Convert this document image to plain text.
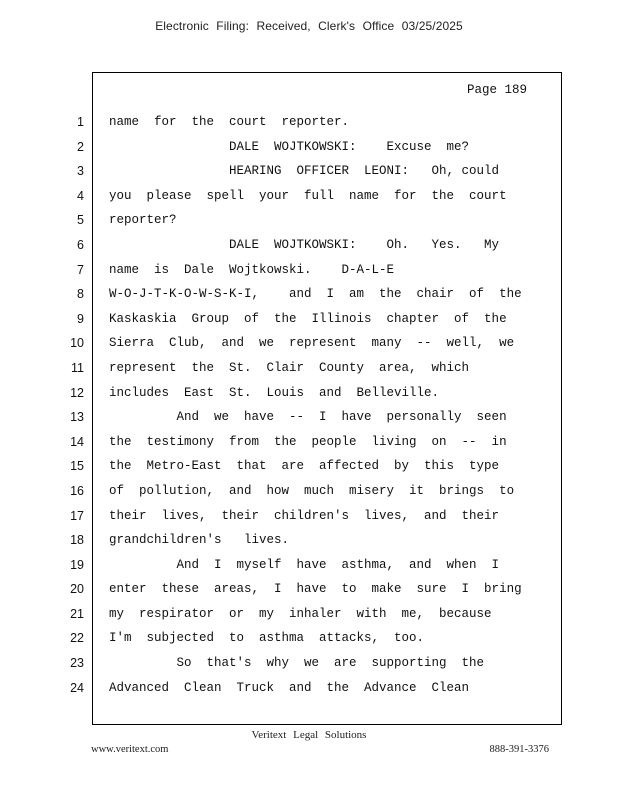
Electronic Filing: Received, Clerk's Office 03/25/2025
Page 189
1
2
3
4
5
6
7
8
9
10
11
12
13
14
15
16
17
18
19
20
21
22
23
24
name  for  the  court  reporter.
DALE  WOJTKOWSKI:    Excuse  me?
HEARING  OFFICER  LEONI:   Oh, could
you  please  spell  your  full  name  for  the  court
reporter?
DALE  WOJTKOWSKI:    Oh.   Yes.   My
name  is  Dale  Wojtkowski.    D-A-L-E
W-O-J-T-K-O-W-S-K-I,    and  I  am  the  chair  of  the
Kaskaskia  Group  of  the  Illinois  chapter  of  the
Sierra  Club,  and  we  represent  many  --  well,  we
represent  the  St.  Clair  County  area,  which
includes  East  St.  Louis  and  Belleville.
And  we  have  --  I  have  personally  seen
the  testimony  from  the  people  living  on  --  in
the  Metro-East  that  are  affected  by  this  type
of  pollution,  and  how  much  misery  it  brings  to
their  lives,  their  children's  lives,  and  their
grandchildren's   lives.
And  I  myself  have  asthma,  and  when  I
enter  these  areas,  I  have  to  make  sure  I  bring
my  respirator  or  my  inhaler  with  me,  because
I'm  subjected  to  asthma  attacks,  too.
So  that's  why  we  are  supporting  the
Advanced  Clean  Truck  and  the  Advance  Clean
Veritext Legal Solutions
www.veritext.com	888-391-3376
